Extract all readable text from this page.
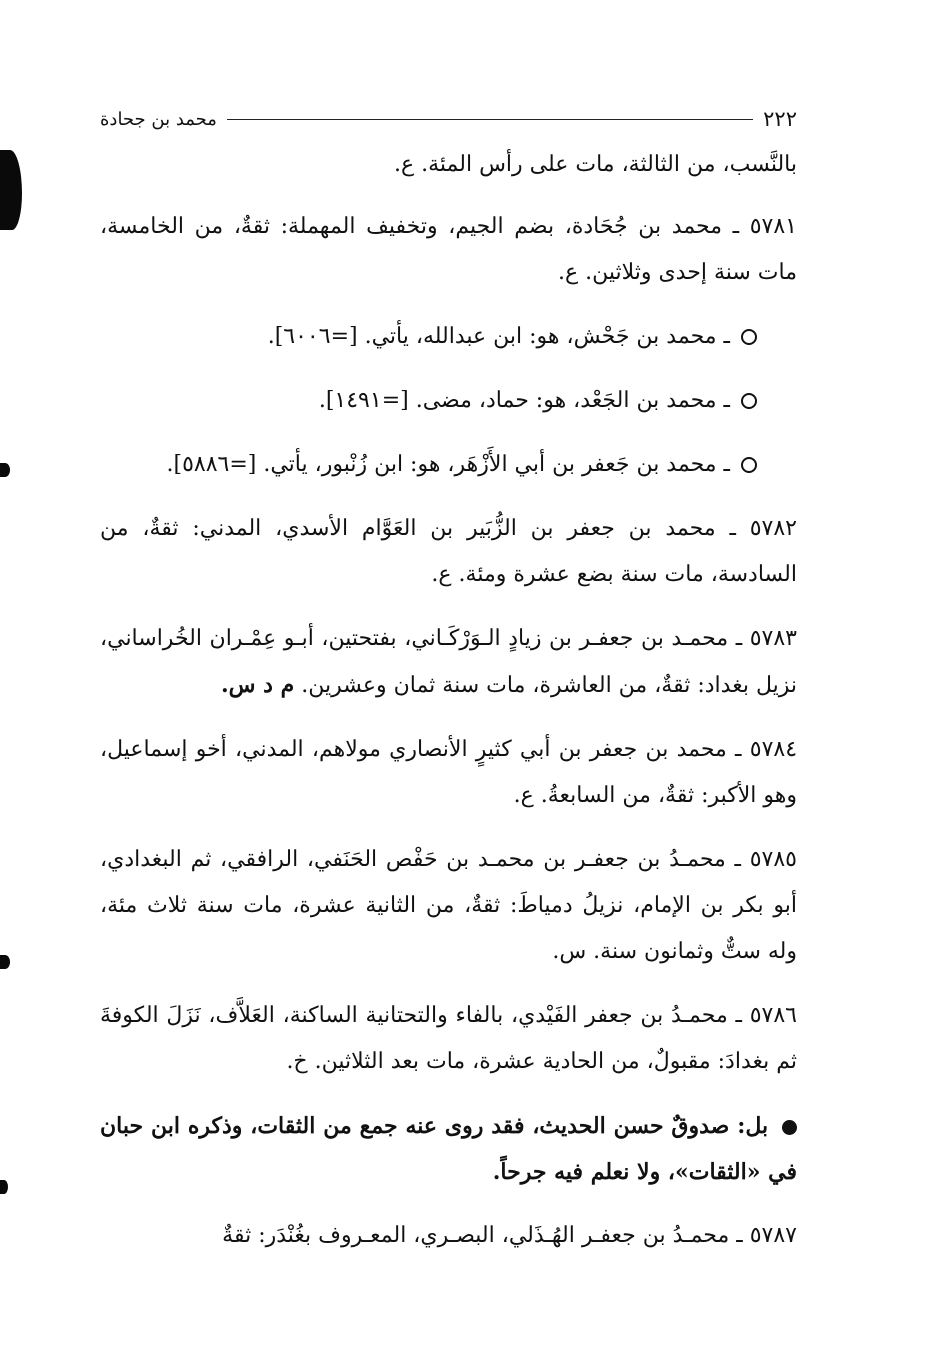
٢٢٢
محمد بن جحادة

بالنَّسب، من الثالثة، مات على رأس المئة. ع.

٥٧٨١ ـ محمد بن جُحَادة، بضم الجيم، وتخفيف المهملة: ثقةٌ، من الخامسة، مات سنة إحدى وثلاثين. ع.

ـ محمد بن جَحْش، هو: ابن عبدالله، يأتي. [=٦٠٠٦].

ـ محمد بن الجَعْد، هو: حماد، مضى. [=١٤٩١].

ـ محمد بن جَعفر بن أبي الأَزْهَر، هو: ابن زُنْبور، يأتي. [=٥٨٨٦].

٥٧٨٢ ـ محمد بن جعفر بن الزُّبَير بن العَوَّام الأسدي، المدني: ثقةٌ، من السادسة، مات سنة بضع عشرة ومئة. ع.

٥٧٨٣ ـ محمـد بن جعفـر بن زيادٍ الـوَرْكَـاني، بفتحتين، أبـو عِمْـران الخُراساني، نزيل بغداد: ثقةٌ، من العاشرة، مات سنة ثمان وعشرين. م د س.

٥٧٨٤ ـ محمد بن جعفر بن أبي كثيرٍ الأنصاري مولاهم، المدني، أخو إسماعيل، وهو الأكبر: ثقةٌ، من السابعةُ. ع.

٥٧٨٥ ـ محمـدُ بن جعفـر بن محمـد بن حَفْص الحَنَفي، الرافقي، ثم البغدادي، أبو بكر بن الإمام، نزيلُ دمياطَ: ثقةٌ، من الثانية عشرة، مات سنة ثلاث مئة، وله ستٌّ وثمانون سنة. س.

٥٧٨٦ ـ محمـدُ بن جعفر الفَيْدي، بالفاء والتحتانية الساكنة، العَلاَّف، نَزَلَ الكوفةَ ثم بغدادَ: مقبولٌ، من الحادية عشرة، مات بعد الثلاثين. خ.

بل: صدوقٌ حسن الحديث، فقد روى عنه جمع من الثقات، وذكره ابن حبان في «الثقات»، ولا نعلم فيه جرحاً.

٥٧٨٧ ـ محمـدُ بن جعفـر الهُـذَلي، البصـري، المعـروف بغُنْدَر: ثقةٌ
